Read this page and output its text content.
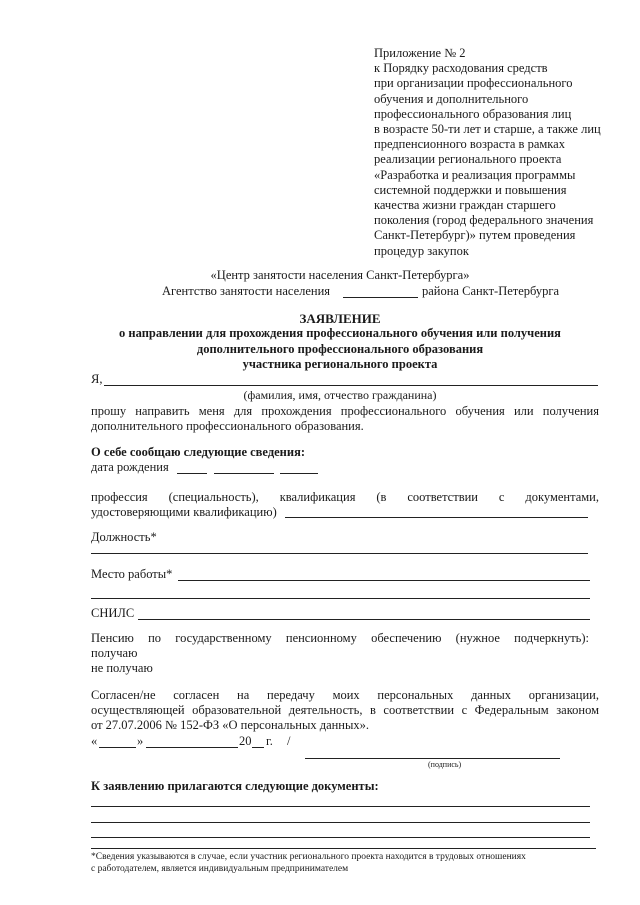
Приложение № 2
к Порядку расходования средств
при организации профессионального
обучения и дополнительного
профессионального образования лиц
в возрасте 50-ти лет и старше, а также лиц
предпенсионного возраста в рамках
реализации регионального проекта
«Разработка и реализация программы
системной поддержки и повышения
качества жизни граждан старшего
поколения (город федерального значения
Санкт-Петербург)» путем проведения
процедур закупок
«Центр занятости населения Санкт-Петербурга»
Агентство занятости населения	района Санкт-Петербурга
ЗАЯВЛЕНИЕ
о направлении для прохождения профессионального обучения или получения
дополнительного профессионального образования
участника регионального проекта
Я,
(фамилия, имя, отчество гражданина)
прошу направить меня для прохождения профессионального обучения или получения
дополнительного профессионального образования.
О себе сообщаю следующие сведения:
дата рождения
профессия (специальность), квалификация (в соответствии с документами,
удостоверяющими квалификацию)
Должность*
Место работы*
СНИЛС
Пенсию по государственному пенсионному обеспечению (нужное подчеркнуть):
получаю
не получаю
Согласен/не согласен на передачу моих персональных данных организации,
осуществляющей образовательной деятельность, в соответствии с Федеральным законом
от 27.07.2006 № 152-ФЗ «О персональных данных».
«	»	20 г. /
(подпись)
К заявлению прилагаются следующие документы:
*Сведения указываются в случае, если участник регионального проекта находится в трудовых отношениях
с работодателем, является индивидуальным предпринимателем
